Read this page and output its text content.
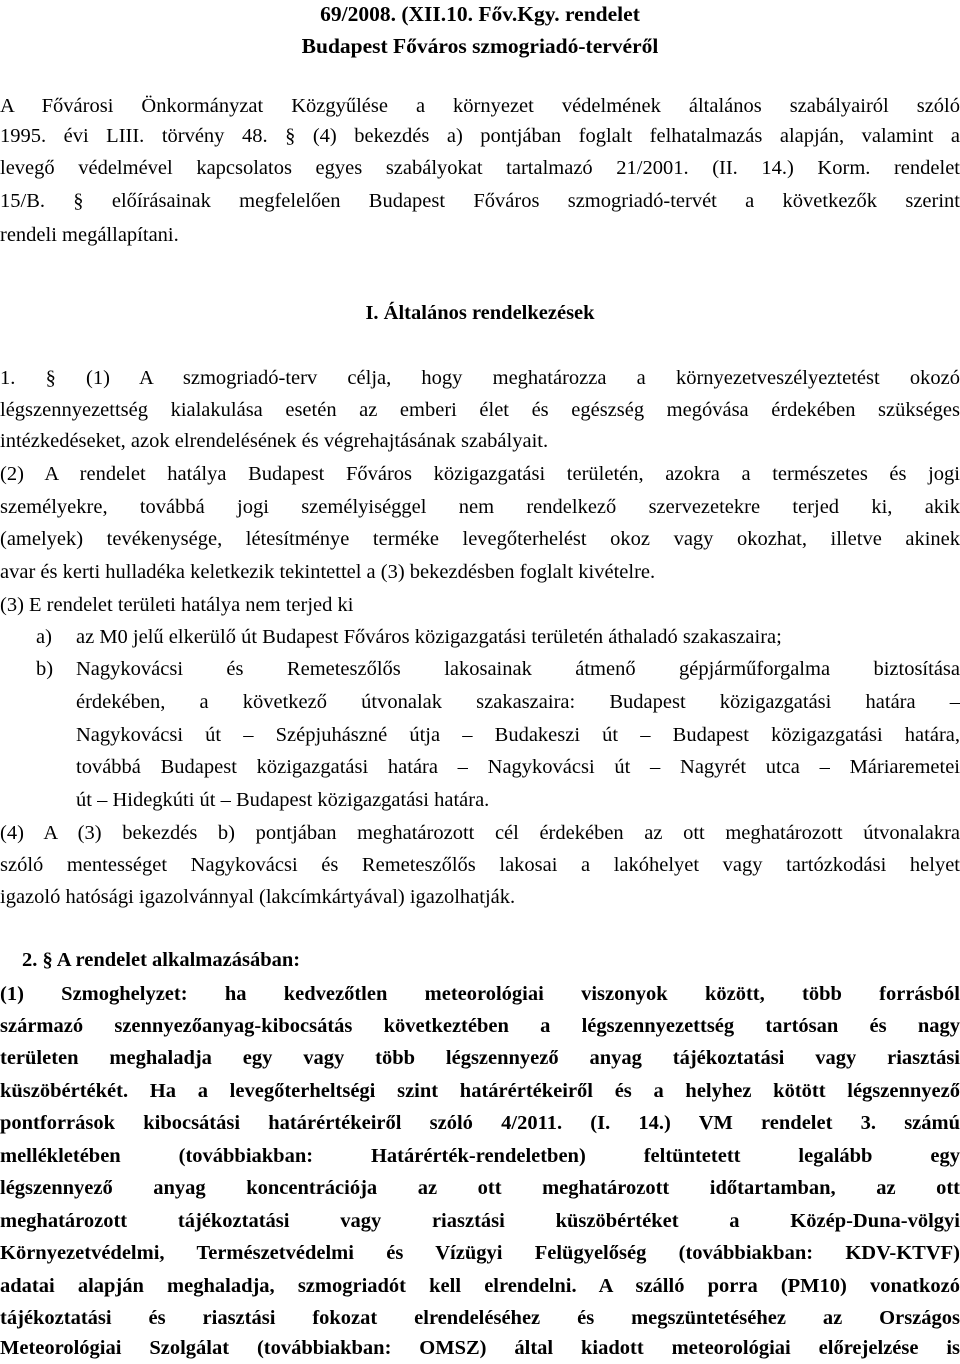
69/2008. (XII.10. Főv.Kgy. rendelet
Budapest Főváros szmogriadó-tervéről
A Fővárosi Önkormányzat Közgyűlése a környezet védelmének általános szabályairól szóló
1995. évi LIII. törvény 48. § (4) bekezdés a) pontjában foglalt felhatalmazás alapján, valamint a
levegő védelmével kapcsolatos egyes szabályokat tartalmazó 21/2001. (II. 14.) Korm. rendelet
15/B. § előírásainak megfelelően Budapest Főváros szmogriadó-tervét a következők szerint
rendeli megállapítani.
I. Általános rendelkezések
1. § (1) A szmogriadó-terv célja, hogy meghatározza a környezetveszélyeztetést okozó
légszennyezettség kialakulása esetén az emberi élet és egészség megóvása érdekében szükséges
intézkedéseket, azok elrendelésének és végrehajtásának szabályait.
(2) A rendelet hatálya Budapest Főváros közigazgatási területén, azokra a természetes és jogi
személyekre, továbbá jogi személyiséggel nem rendelkező szervezetekre terjed ki, akik
(amelyek) tevékenysége, létesítménye terméke levegőterhelést okoz vagy okozhat, illetve akinek
avar és kerti hulladéka keletkezik tekintettel a (3) bekezdésben foglalt kivételre.
(3) E rendelet területi hatálya nem terjed ki
a)	az M0 jelű elkerülő út Budapest Főváros közigazgatási területén áthaladó szakaszaira;
b)	Nagykovácsi és Remeteszőlős lakosainak átmenő gépjárműforgalma biztosítása
érdekében, a következő útvonalak szakaszaira: Budapest közigazgatási határa –
Nagykovácsi út – Szépjuhászné útja – Budakeszi út – Budapest közigazgatási határa,
továbbá Budapest közigazgatási határa – Nagykovácsi út – Nagyrét utca – Máriaremetei
út – Hidegkúti út – Budapest közigazgatási határa.
(4) A (3) bekezdés b) pontjában meghatározott cél érdekében az ott meghatározott útvonalakra
szóló mentességet Nagykovácsi és Remeteszőlős lakosai a lakóhelyet vagy tartózkodási helyet
igazoló hatósági igazolvánnyal (lakcímkártyával) igazolhatják.
2. § A rendelet alkalmazásában:
(1) Szmoghelyzet: ha kedvezőtlen meteorológiai viszonyok között, több forrásból
származó szennyezőanyag-kibocsátás következtében a légszennyezettség tartósan és nagy
területen meghaladja egy vagy több légszennyező anyag tájékoztatási vagy riasztási
küszöbértékét. Ha a levegőterheltségi szint határértékeiről és a helyhez kötött légszennyező
pontforrások kibocsátási határértékeiről szóló 4/2011. (I. 14.) VM rendelet 3. számú
mellékletében (továbbiakban: Határérték-rendeletben) feltüntetett legalább egy
légszennyező anyag koncentrációja az ott meghatározott időtartamban, az ott
meghatározott tájékoztatási vagy riasztási küszöbértéket a Közép-Duna-völgyi
Környezetvédelmi, Természetvédelmi és Vízügyi Felügyelőség (továbbiakban: KDV-KTVF)
adatai alapján meghaladja, szmogriadót kell elrendelni. A szálló porra (PM10) vonatkozó
tájékoztatási és riasztási fokozat elrendeléséhez és megszüntetéséhez az Országos
Meteorológiai Szolgálat (továbbiakban: OMSZ) által kiadott meteorológiai előrejelzése is
